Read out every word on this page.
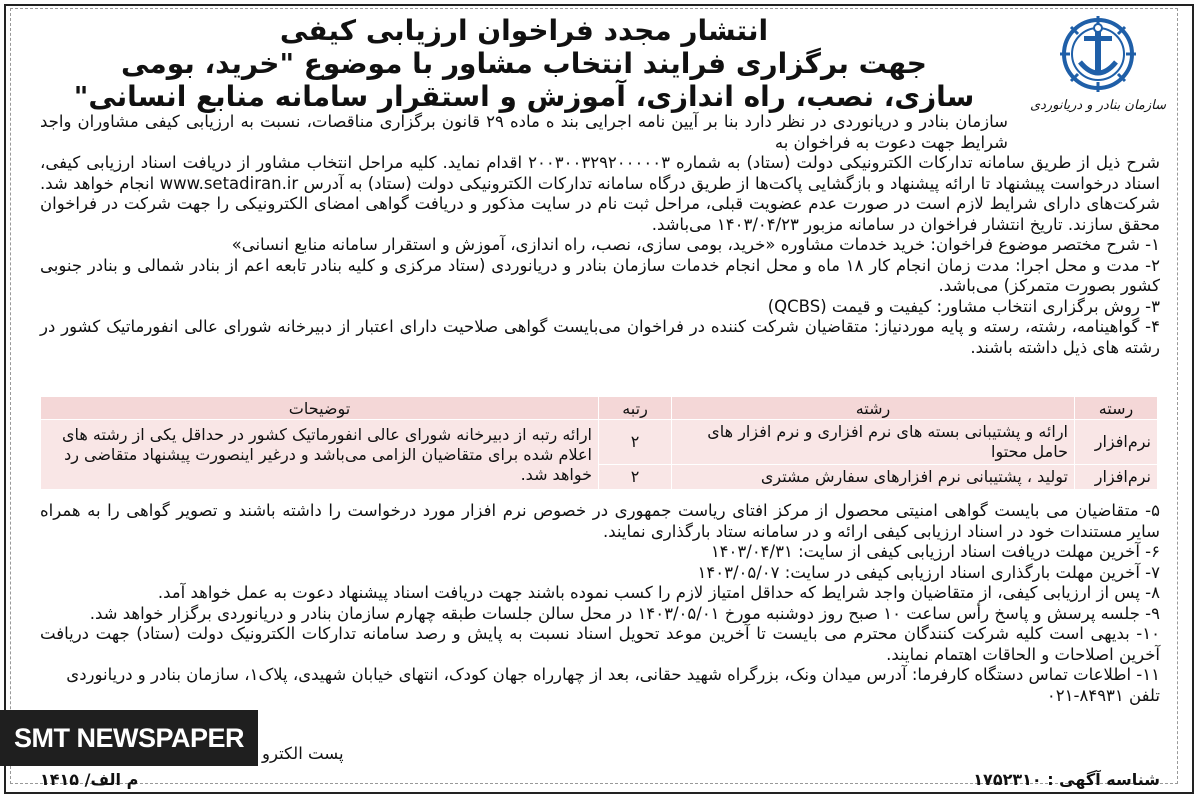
سازمان بنادر و دریانوردی
انتشار مجدد فراخوان ارزیابی کیفی
جهت برگزاری فرایند انتخاب مشاور با موضوع "خرید، بومی
سازی، نصب، راه اندازی، آموزش و استقرار سامانه منابع انسانی"

سازمان بنادر و دریانوردی در نظر دارد بنا بر آیین نامه اجرایی بند ه ماده ۲۹ قانون برگزاری مناقصات، نسبت به ارزیابی کیفی مشاوران واجد شرایط جهت دعوت به فراخوان به

شرح ذیل از طریق سامانه تدارکات الکترونیکی دولت (ستاد) به شماره ۲۰۰۳۰۰۳۲۹۲۰۰۰۰۰۳ اقدام نماید. کلیه مراحل انتخاب مشاور از دریافت اسناد ارزیابی کیفی، اسناد درخواست پیشنهاد تا ارائه پیشنهاد و بازگشایی پاکت‌ها از طریق درگاه سامانه تدارکات الکترونیکی دولت (ستاد) به آدرس www.setadiran.ir انجام خواهد شد. شرکت‌های دارای شرایط لازم است در صورت عدم عضویت قبلی، مراحل ثبت نام در سایت مذکور و دریافت گواهی امضای الکترونیکی را جهت شرکت در فراخوان محقق سازند. تاریخ انتشار فراخوان در سامانه مزبور ۱۴۰۳/۰۴/۲۳ می‌باشد.

۱- شرح مختصر موضوع فراخوان: خرید خدمات مشاوره «خرید، بومی سازی، نصب، راه اندازی، آموزش و استقرار سامانه منابع انسانی»

۲- مدت و محل اجرا: مدت زمان انجام کار ۱۸ ماه و محل انجام خدمات سازمان بنادر و دریانوردی (ستاد مرکزی و کلیه بنادر تابعه اعم از بنادر شمالی و بنادر جنوبی کشور بصورت متمرکز) می‌باشد.

۳- روش برگزاری انتخاب مشاور: کیفیت و قیمت (QCBS)

۴- گواهینامه، رشته، رسته و پایه موردنیاز: متقاضیان شرکت کننده در فراخوان می‌بایست گواهی صلاحیت دارای اعتبار از دبیرخانه شورای عالی انفورماتیک کشور در رشته های ذیل داشته باشند.

رسته	رشته	رتبه	توضیحات
نرم‌افزار	ارائه و پشتیبانی بسته های نرم افزاری و نرم افزار های حامل محتوا	۲	ارائه رتبه از دبیرخانه شورای عالی انفورماتیک کشور در حداقل یکی از رشته های اعلام شده برای متقاضیان الزامی می‌باشد و درغیر اینصورت پیشنهاد متقاضی رد خواهد شد.
نرم‌افزار	تولید ، پشتیبانی نرم افزارهای سفارش مشتری	۲	

۵- متقاضیان می بایست گواهی امنیتی محصول از مرکز افتای ریاست جمهوری در خصوص نرم افزار مورد درخواست را داشته باشند و تصویر گواهی را به همراه سایر مستندات خود در اسناد ارزیابی کیفی ارائه و در سامانه ستاد بارگذاری نمایند.

۶- آخرین مهلت دریافت اسناد ارزیابی کیفی از سایت: ۱۴۰۳/۰۴/۳۱

۷- آخرین مهلت بارگذاری اسناد ارزیابی کیفی در سایت: ۱۴۰۳/۰۵/۰۷

۸- پس از ارزیابی کیفی، از متقاضیان واجد شرایط که حداقل امتیاز لازم را کسب نموده باشند جهت دریافت اسناد پیشنهاد دعوت به عمل خواهد آمد.

۹- جلسه پرسش و پاسخ رأس ساعت ۱۰ صبح روز دوشنبه مورخ ۱۴۰۳/۰۵/۰۱ در محل سالن جلسات طبقه چهارم سازمان بنادر و دریانوردی برگزار خواهد شد.

۱۰- بدیهی است کلیه شرکت کنندگان محترم می بایست تا آخرین موعد تحویل اسناد نسبت به پایش و رصد سامانه تدارکات الکترونیک دولت (ستاد) جهت دریافت آخرین اصلاحات و الحاقات اهتمام نمایند.

۱۱- اطلاعات تماس دستگاه کارفرما: آدرس میدان ونک، بزرگراه شهید حقانی، بعد از چهارراه جهان کودک، انتهای خیابان شهیدی، پلاک۱، سازمان بنادر و دریانوردی

تلفن ۸۴۹۳۱-۰۲۱

پست الکترو
SMT NEWSPAPER
شناسه آگهی : ۱۷۵۲۳۱۰
م الف/ ۱۴۱۵
